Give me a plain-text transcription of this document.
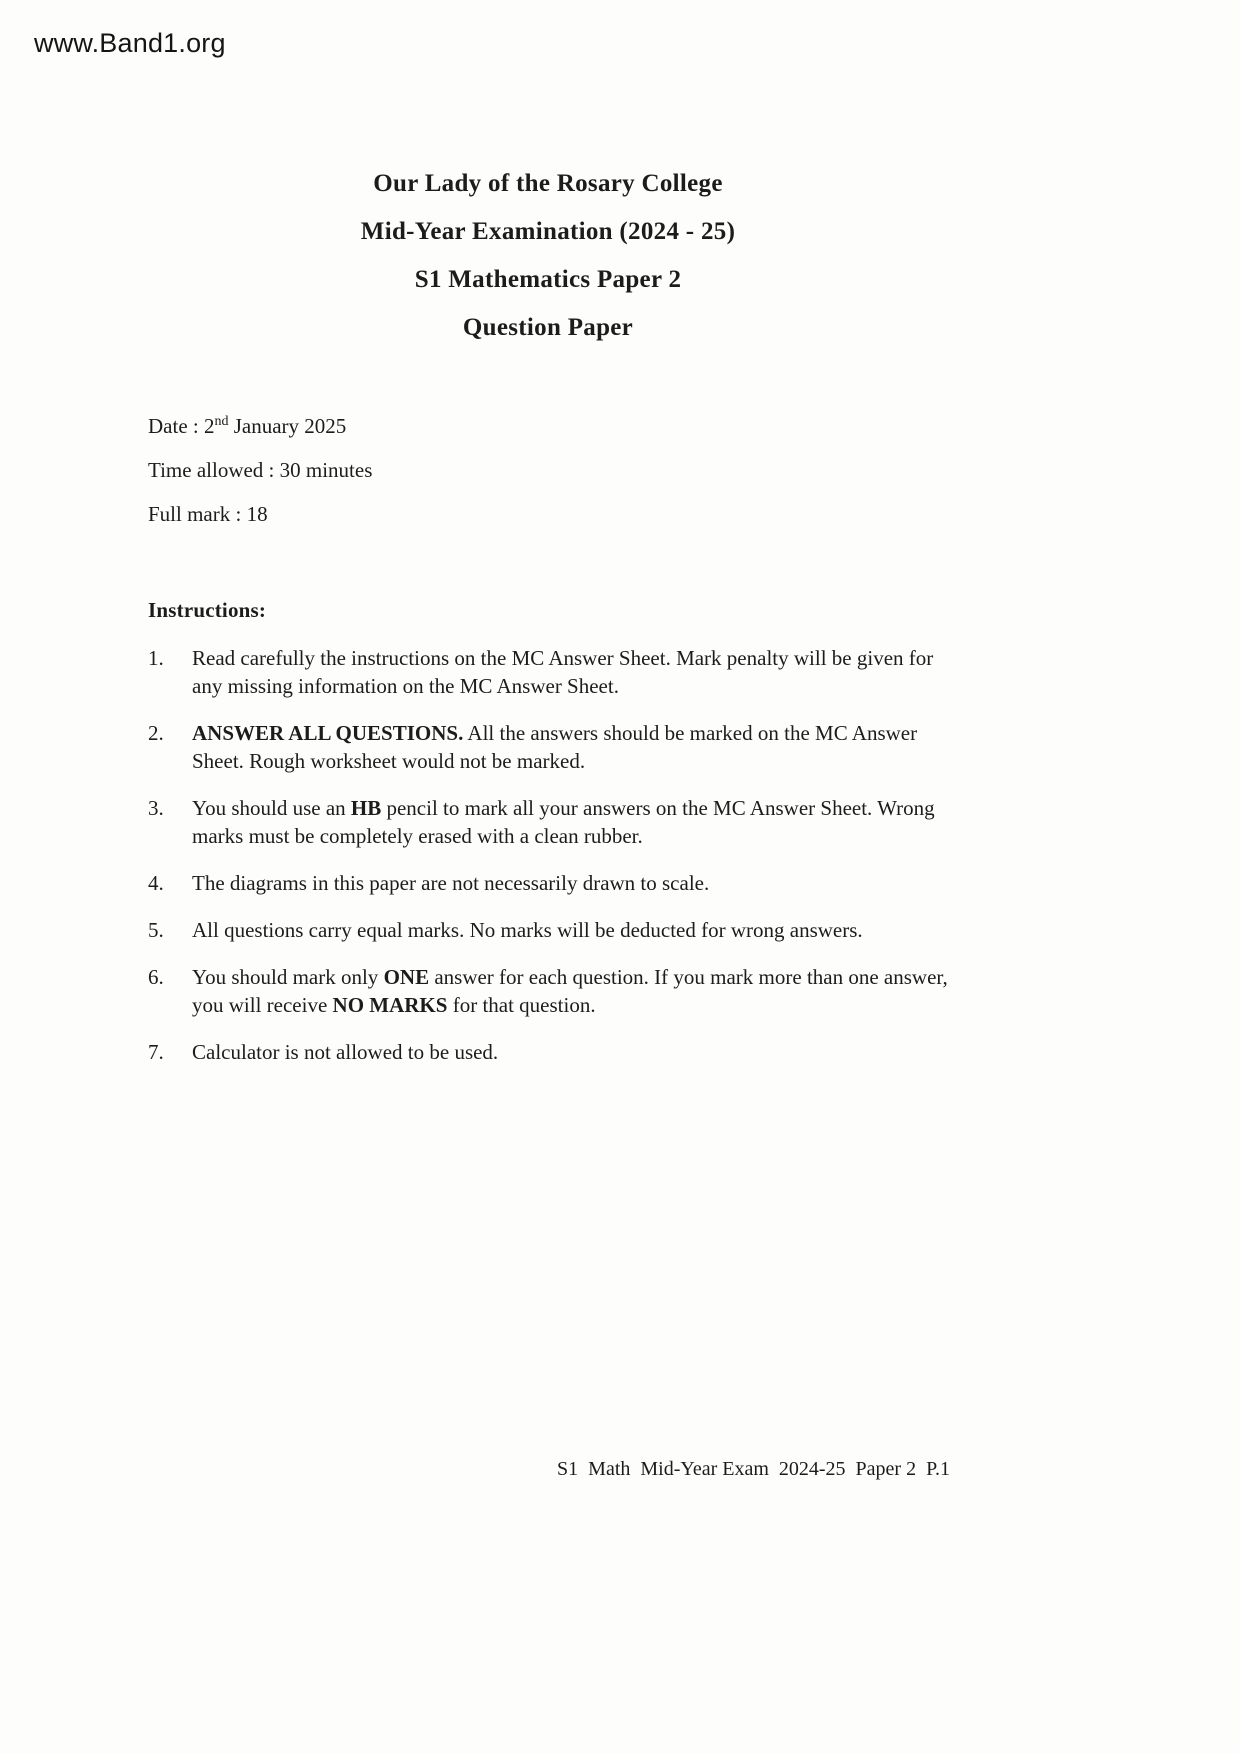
www.Band1.org
Our Lady of the Rosary College
Mid-Year Examination (2024 - 25)
S1 Mathematics Paper 2
Question Paper
Date : 2nd January 2025
Time allowed : 30 minutes
Full mark : 18
Instructions:
1.	Read carefully the instructions on the MC Answer Sheet. Mark penalty will be given for any missing information on the MC Answer Sheet.
2.	ANSWER ALL QUESTIONS. All the answers should be marked on the MC Answer Sheet. Rough worksheet would not be marked.
3.	You should use an HB pencil to mark all your answers on the MC Answer Sheet. Wrong marks must be completely erased with a clean rubber.
4.	The diagrams in this paper are not necessarily drawn to scale.
5.	All questions carry equal marks. No marks will be deducted for wrong answers.
6.	You should mark only ONE answer for each question. If you mark more than one answer, you will receive NO MARKS for that question.
7.	Calculator is not allowed to be used.
S1  Math  Mid-Year Exam  2024-25  Paper 2  P.1
